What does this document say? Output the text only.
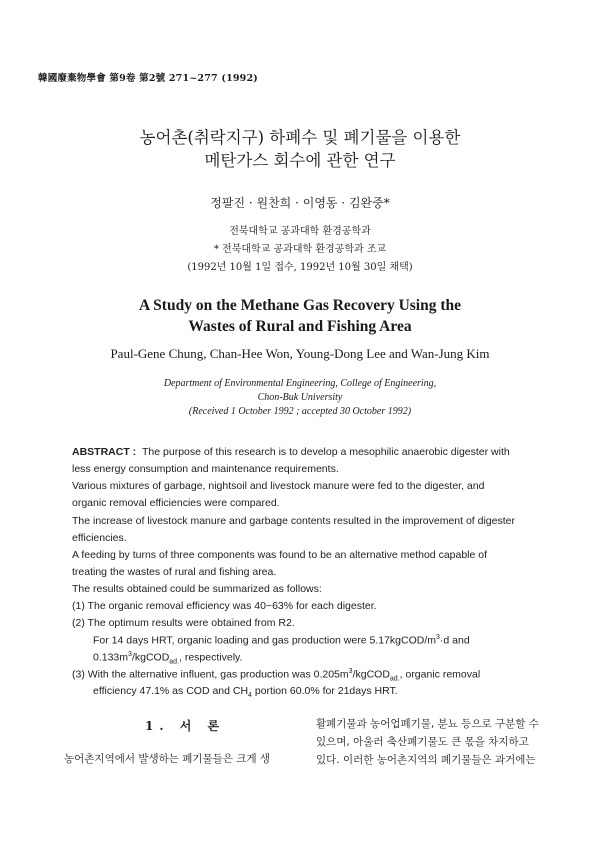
韓國廢棄物學會 第9卷 第2號 271~277 (1992)
농어촌(취락지구) 하폐수 및 폐기물을 이용한
메탄가스 회수에 관한 연구
정팔진 · 원찬희 · 이영동 · 김완중*
전북대학교 공과대학 환경공학과
* 전북대학교 공과대학 환경공학과 조교
(1992년 10월 1일 접수, 1992년 10월 30일 채택)
A Study on the Methane Gas Recovery Using the
Wastes of Rural and Fishing Area
Paul-Gene Chung, Chan-Hee Won, Young-Dong Lee and Wan-Jung Kim
Department of Environmental Engineering, College of Engineering,
Chon-Buk University
(Received 1 October 1992 ; accepted 30 October 1992)
ABSTRACT : The purpose of this research is to develop a mesophilic anaerobic digester with
less energy consumption and maintenance requirements.
Various mixtures of garbage, nightsoil and livestock manure were fed to the digester, and
organic removal efficiencies were compared.
The increase of livestock manure and garbage contents resulted in the improvement of digester
efficiencies.
A feeding by turns of three components was found to be an alternative method capable of
treating the wastes of rural and fishing area.
The results obtained could be summarized as follows:
(1) The organic removal efficiency was 40~63% for each digester.
(2) The optimum results were obtained from R2.
For 14 days HRT, organic loading and gas production were $5.17kgCOD/m^3\cdot d$ and
$0.133m^3/kgCOD_{ad.}$, respectively.
(3) With the alternative influent, gas production was $0.205m^3/kgCOD_{ad.}$, organic removal
efficiency 47.1% as COD and $CH_4$ portion 60.0% for 21days HRT.
1. 서 론
농어촌지역에서 발생하는 폐기물들은 크게 생
활폐기물과 농어업폐기물, 분뇨 등으로 구분할 수
있으며, 아울러 축산폐기물도 큰 몫을 차지하고
있다. 이러한 농어촌지역의 폐기물들은 과거에는
